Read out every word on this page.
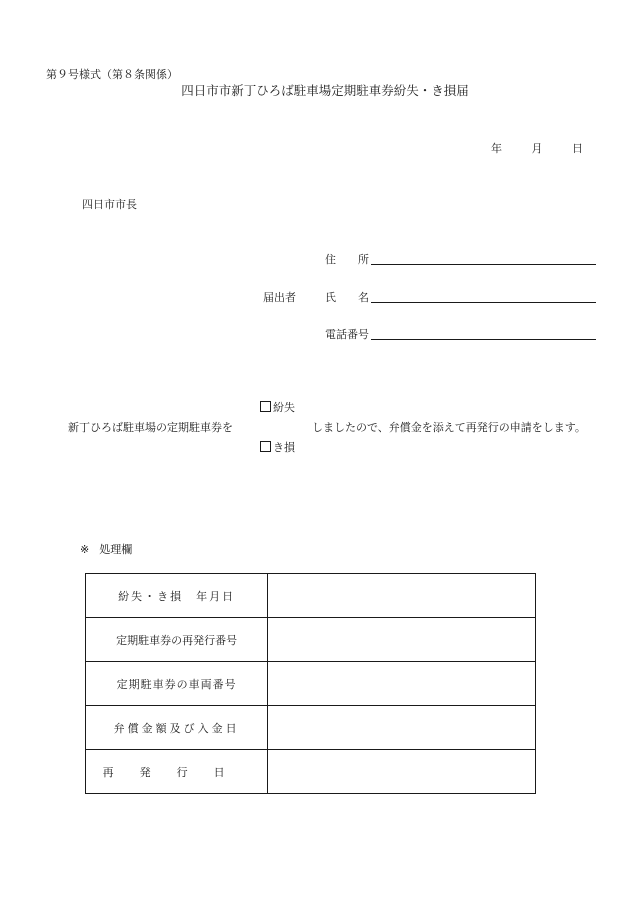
第９号様式（第８条関係）
四日市市新丁ひろば駐車場定期駐車券紛失・き損届
年	月	日
四日市市長
住　　所
届出者	氏　　名
電話番号
紛失
新丁ひろば駐車場の定期駐車券を	しましたので、弁償金を添えて再発行の申請をします。
き損
※ 処理欄
紛失・き損　年月日	
定期駐車券の再発行番号	
定期駐車券の車両番号	
弁償金額及び入金日	
再発行日	
